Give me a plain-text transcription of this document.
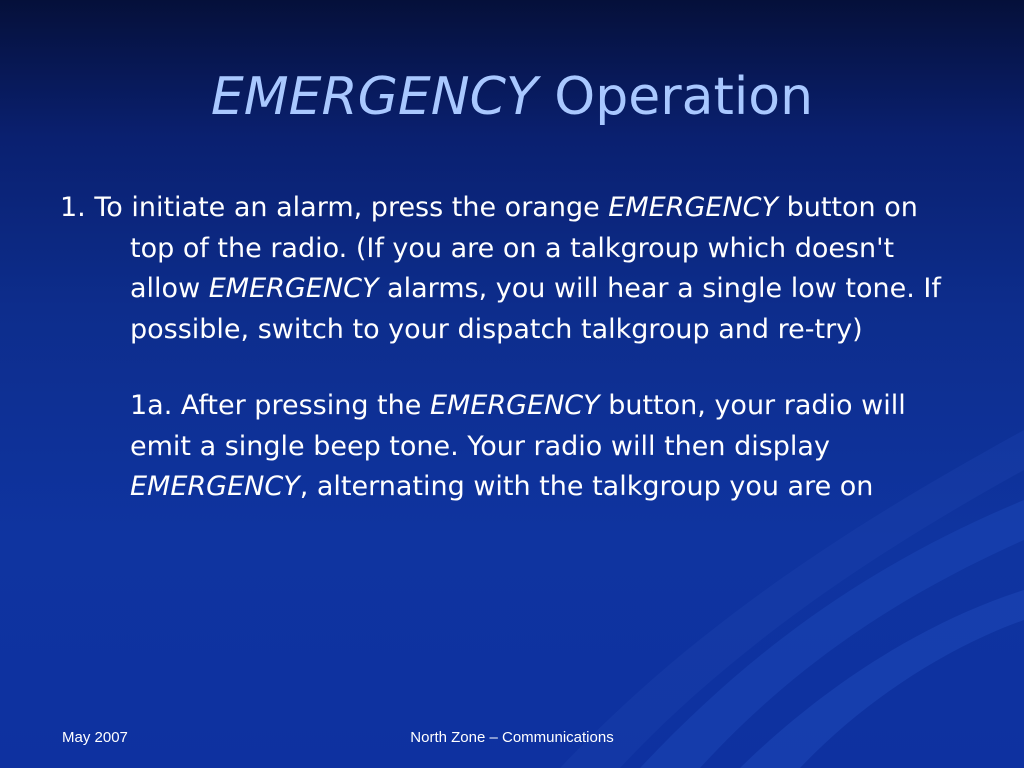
EMERGENCY Operation

1. To initiate an alarm, press the orange EMERGENCY button on top of the radio. (If you are on a talkgroup which doesn't allow EMERGENCY alarms, you will hear a single low tone. If possible, switch to your dispatch talkgroup and re-try)

1a. After pressing the EMERGENCY button, your radio will emit a single beep tone. Your radio will then display EMERGENCY, alternating with the talkgroup you are on

May 2007	North Zone – Communications
